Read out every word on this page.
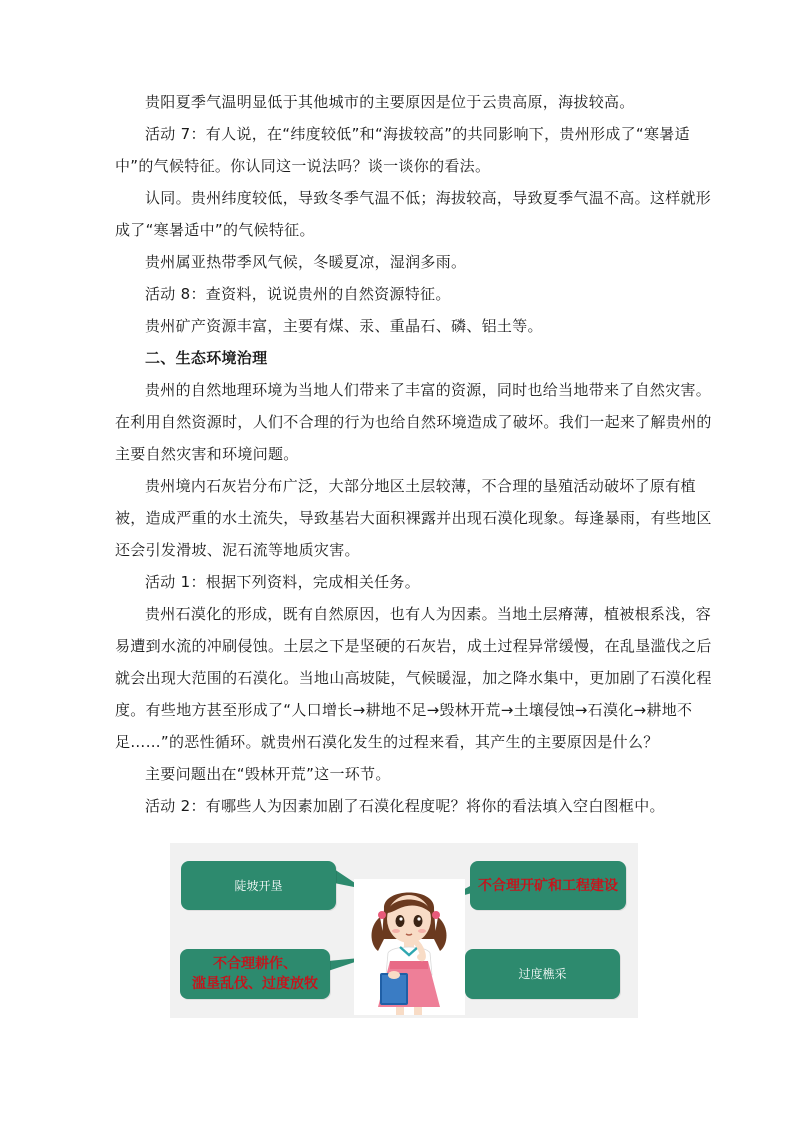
贵阳夏季气温明显低于其他城市的主要原因是位于云贵高原，海拔较高。

活动 7：有人说，在“纬度较低”和“海拔较高”的共同影响下，贵州形成了“寒暑适中”的气候特征。你认同这一说法吗？谈一谈你的看法。

认同。贵州纬度较低，导致冬季气温不低；海拔较高，导致夏季气温不高。这样就形成了“寒暑适中”的气候特征。

贵州属亚热带季风气候，冬暖夏凉，湿润多雨。

活动 8：查资料，说说贵州的自然资源特征。

贵州矿产资源丰富，主要有煤、汞、重晶石、磷、铝土等。

二、生态环境治理

贵州的自然地理环境为当地人们带来了丰富的资源，同时也给当地带来了自然灾害。在利用自然资源时，人们不合理的行为也给自然环境造成了破坏。我们一起来了解贵州的主要自然灾害和环境问题。

贵州境内石灰岩分布广泛，大部分地区土层较薄，不合理的垦殖活动破坏了原有植被，造成严重的水土流失，导致基岩大面积裸露并出现石漠化现象。每逢暴雨，有些地区还会引发滑坡、泥石流等地质灾害。

活动 1：根据下列资料，完成相关任务。

贵州石漠化的形成，既有自然原因，也有人为因素。当地土层瘠薄，植被根系浅，容易遭到水流的冲刷侵蚀。土层之下是坚硬的石灰岩，成土过程异常缓慢，在乱垦滥伐之后就会出现大范围的石漠化。当地山高坡陡，气候暖湿，加之降水集中，更加剧了石漠化程度。有些地方甚至形成了“人口增长→耕地不足→毁林开荒→土壤侵蚀→石漠化→耕地不足……”的恶性循环。就贵州石漠化发生的过程来看，其产生的主要原因是什么？

主要问题出在“毁林开荒”这一环节。

活动 2：有哪些人为因素加剧了石漠化程度呢？将你的看法填入空白图框中。

陡坡开垦	不合理开矿和工程建设
不合理耕作、
滥垦乱伐、过度放牧
过度樵采
